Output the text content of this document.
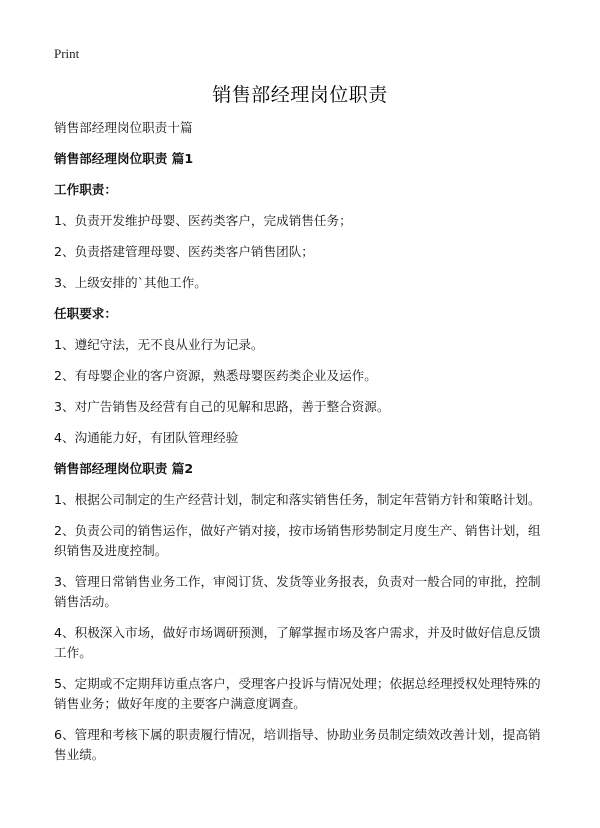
Print
销售部经理岗位职责

销售部经理岗位职责十篇

销售部经理岗位职责 篇1

工作职责：

1、负责开发维护母婴、医药类客户，完成销售任务；

2、负责搭建管理母婴、医药类客户销售团队；

3、上级安排的`其他工作。

任职要求：

1、遵纪守法，无不良从业行为记录。

2、有母婴企业的客户资源，熟悉母婴医药类企业及运作。

3、对广告销售及经营有自己的见解和思路，善于整合资源。

4、沟通能力好，有团队管理经验

销售部经理岗位职责 篇2

1、根据公司制定的生产经营计划，制定和落实销售任务，制定年营销方针和策略计划。

2、负责公司的销售运作，做好产销对接，按市场销售形势制定月度生产、销售计划，组织销售及进度控制。

3、管理日常销售业务工作，审阅订货、发货等业务报表，负责对一般合同的审批，控制销售活动。

4、积极深入市场，做好市场调研预测，了解掌握市场及客户需求，并及时做好信息反馈工作。

5、定期或不定期拜访重点客户，受理客户投诉与情况处理；依据总经理授权处理特殊的销售业务；做好年度的主要客户满意度调查。

6、管理和考核下属的职责履行情况，培训指导、协助业务员制定绩效改善计划，提高销售业绩。
